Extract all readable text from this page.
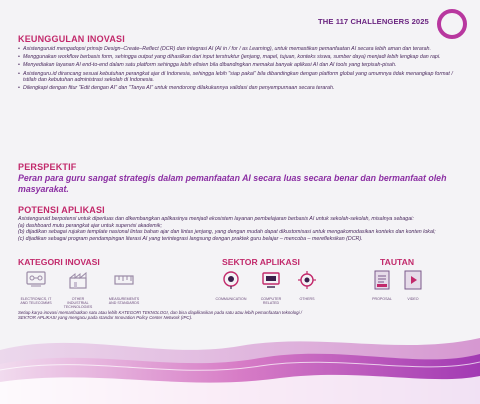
THE 117 CHALLENGERS 2025
KEUNGGULAN INOVASI
• Asistenguruid mengadopsi prinsip Design–Create–Reflect (DCR) dan integrasi AI (AI in / for / as Learning), untuk memastikan pemanfaatan AI secara lebih aman dan terarah.
• Menggunakan workflow berbasis form, sehingga output yang dihasilkan dari input terstruktur (jenjang, mapel, tujuan, konteks siswa, sumber daya) menjadi lebih lengkap dan rapi.
• Menyediakan layanan AI end-to-end dalam satu platform sehingga lebih efisien bila dibandingkan memakai banyak aplikasi AI dan AI tools yang terpisah-pisah.
• Asistenguru.id dirancang sesuai kebutuhan perangkat ajar di Indonesia, sehingga lebih "siap pakai" bila dibandingkan dengan platform global yang umumnya tidak menangkap format / istilah dan kebutuhan administrasi sekolah di Indonesia.
• Dilengkapi dengan fitur "Edit dengan AI" dan "Tanya AI" untuk mendorong dilakukannya validasi dan penyempurnaan secara terarah.
PERSPEKTIF
Peran para guru sangat strategis dalam pemanfaatan AI secara luas secara benar dan bermanfaat oleh masyarakat.
POTENSI APLIKASI

Asistenguruid berpotensi untuk diperluas dan dikembangkan aplikasinya menjadi ekosistem layanan pembelajaran berbasis AI untuk sekolah-sekolah, misalnya sebagai:

(a) dashboard mutu perangkat ajar untuk supervisi akademik;
(b) dijadikan sebagai rujukan template nasional lintas bahan ajar dan lintas jenjang, yang dengan mudah dapat dikustomisasi untuk mengakomodasikan konteks dan konten lokal;
(c) dijadikan sebagai program pendampingan literasi AI yang terintegrasi langsung dengan praktek guru belajar – mencoba – merefleksikan (DCR).
KATEGORI INOVASI
ELECTRONICS, IT AND TELECOMMS
OTHER INDUSTRIAL TECHNOLOGIES
MEASUREMENTS AND STANDARDS
SEKTOR APLIKASI
COMMUNICATION	COMPUTER RELATED
OTHERS
TAUTAN
PROPOSAL	VIDEO
Setiap karya inovasi memanfaatkan satu atau lebih KATEGORI TEKNOLOGI, dan bisa diaplikasikan pada satu atau lebih pemanfaatan teknologi / SEKTOR APLIKASI yang mengacu pada standar Innovation Policy Center Network (IPC).
